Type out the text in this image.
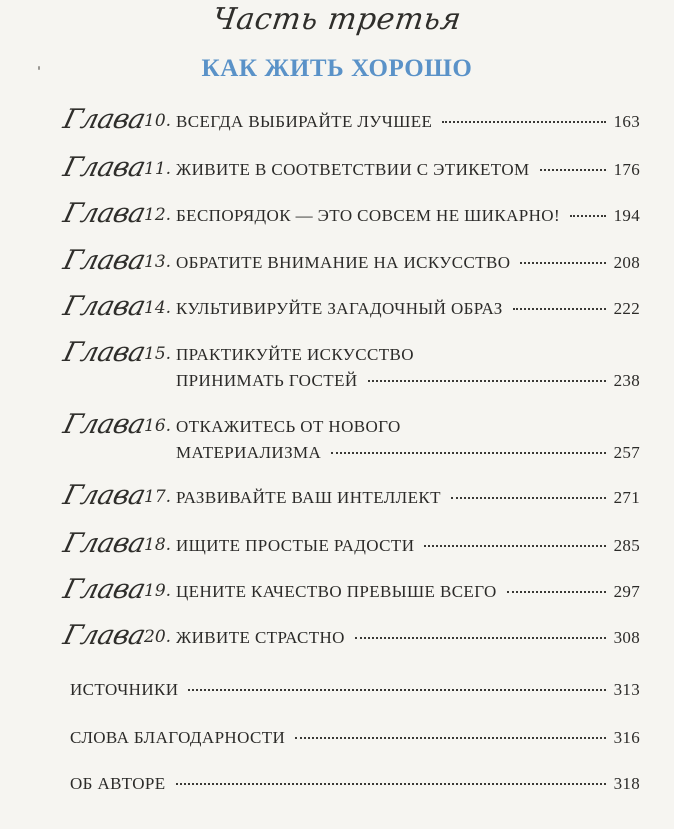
Часть третья
КАК ЖИТЬ ХОРОШО
Глава
10. ВСЕГДА ВЫБИРАЙТЕ ЛУЧШЕЕ	163
Глава
11. ЖИВИТЕ В СООТВЕТСТВИИ С ЭТИКЕТОМ	176
Глава
12. БЕСПОРЯДОК — ЭТО СОВСЕМ НЕ ШИКАРНО!	194
Глава
13. ОБРАТИТЕ ВНИМАНИЕ НА ИСКУССТВО	208
Глава
14. КУЛЬТИВИРУЙТЕ ЗАГАДОЧНЫЙ ОБРАЗ	222
Глава
15. ПРАКТИКУЙТЕ ИСКУССТВО
ПРИНИМАТЬ ГОСТЕЙ	238
Глава
16. ОТКАЖИТЕСЬ ОТ НОВОГО
МАТЕРИАЛИЗМА	257
Глава
17. РАЗВИВАЙТЕ ВАШ ИНТЕЛЛЕКТ	271
Глава
18. ИЩИТЕ ПРОСТЫЕ РАДОСТИ	285
Глава
19. ЦЕНИТЕ КАЧЕСТВО ПРЕВЫШЕ ВСЕГО	297
Глава
20. ЖИВИТЕ СТРАСТНО	308
ИСТОЧНИКИ	313
СЛОВА БЛАГОДАРНОСТИ	316
ОБ АВТОРЕ	318
